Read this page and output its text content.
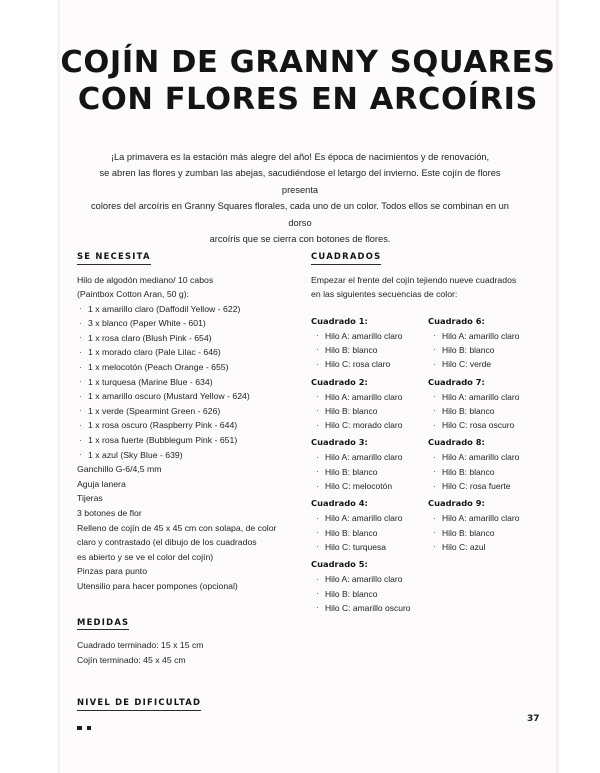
COJÍN DE GRANNY SQUARES
CON FLORES EN ARCOÍRIS

¡La primavera es la estación más alegre del año! Es época de nacimientos y de renovación,

se abren las flores y zumban las abejas, sacudiéndose el letargo del invierno. Este cojín de flores presenta

colores del arcoíris en Granny Squares florales, cada uno de un color. Todos ellos se combinan en un dorso

arcoíris que se cierra con botones de flores.

SE NECESITA

Hilo de algodón mediano/ 10 cabos

(Paintbox Cotton Aran, 50 g):

· 1 x amarillo claro (Daffodil Yellow - 622)
· 3 x blanco (Paper White - 601)
· 1 x rosa claro (Blush Pink - 654)
· 1 x morado claro (Pale Lilac - 646)
· 1 x melocotón (Peach Orange - 655)
· 1 x turquesa (Marine Blue - 634)
· 1 x amarillo oscuro (Mustard Yellow - 624)
· 1 x verde (Spearmint Green - 626)
· 1 x rosa oscuro (Raspberry Pink - 644)
· 1 x rosa fuerte (Bubblegum Pink - 651)
· 1 x azul (Sky Blue - 639)

Ganchillo G-6/4,5 mm

Aguja lanera

Tijeras

3 botones de flor

Relleno de cojín de 45 x 45 cm con solapa, de color

claro y contrastado (el dibujo de los cuadrados

es abierto y se ve el color del cojín)

Pinzas para punto

Utensilio para hacer pompones (opcional)

MEDIDAS

Cuadrado terminado: 15 x 15 cm

Cojín terminado: 45 x 45 cm

NIVEL DE DIFICULTAD
CUADRADOS

Empezar el frente del cojín tejiendo nueve cuadrados

en las siguientes secuencias de color:

Cuadrado 1:

· Hilo A: amarillo claro
· Hilo B: blanco
· Hilo C: rosa claro

Cuadrado 2:

· Hilo A: amarillo claro
· Hilo B: blanco
· Hilo C: morado claro

Cuadrado 3:

· Hilo A: amarillo claro
· Hilo B: blanco
· Hilo C: melocotón

Cuadrado 4:

· Hilo A: amarillo claro
· Hilo B: blanco
· Hilo C: turquesa

Cuadrado 5:

· Hilo A: amarillo claro
· Hilo B: blanco
· Hilo C: amarillo oscuro

Cuadrado 6:

· Hilo A: amarillo claro
· Hilo B: blanco
· Hilo C: verde

Cuadrado 7:

· Hilo A: amarillo claro
· Hilo B: blanco
· Hilo C: rosa oscuro

Cuadrado 8:

· Hilo A: amarillo claro
· Hilo B: blanco
· Hilo C: rosa fuerte

Cuadrado 9:

· Hilo A: amarillo claro
· Hilo B: blanco
· Hilo C: azul
37
